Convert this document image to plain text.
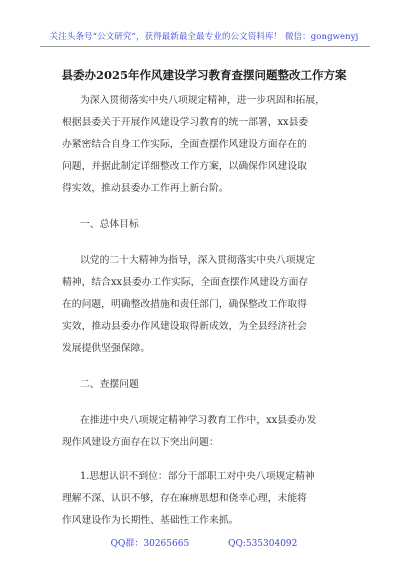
关注头条号“公文研究”，获得最新最全最专业的公文资料库！ 微信：gongwenyj
县委办2025年作风建设学习教育查摆问题整改工作方案

为深入贯彻落实中央八项规定精神，进一步巩固和拓展，
根据县委关于开展作风建设学习教育的统一部署，xx县委
办紧密结合自身工作实际，全面查摆作风建设方面存在的
问题，并据此制定详细整改工作方案，以确保作风建设取
得实效，推动县委办工作再上新台阶。

一、总体目标

以党的二十大精神为指导，深入贯彻落实中央八项规定
精神，结合xx县委办工作实际，全面查摆作风建设方面存
在的问题，明确整改措施和责任部门，确保整改工作取得
实效，推动县委办作风建设取得新成效，为全县经济社会
发展提供坚强保障。

二、查摆问题

在推进中央八项规定精神学习教育工作中，xx县委办发
现作风建设方面存在以下突出问题：

1.思想认识不到位：部分干部职工对中央八项规定精神
理解不深、认识不够，存在麻痹思想和侥幸心理，未能将
作风建设作为长期性、基础性工作来抓。

QQ群：30265665	QQ:535304092
